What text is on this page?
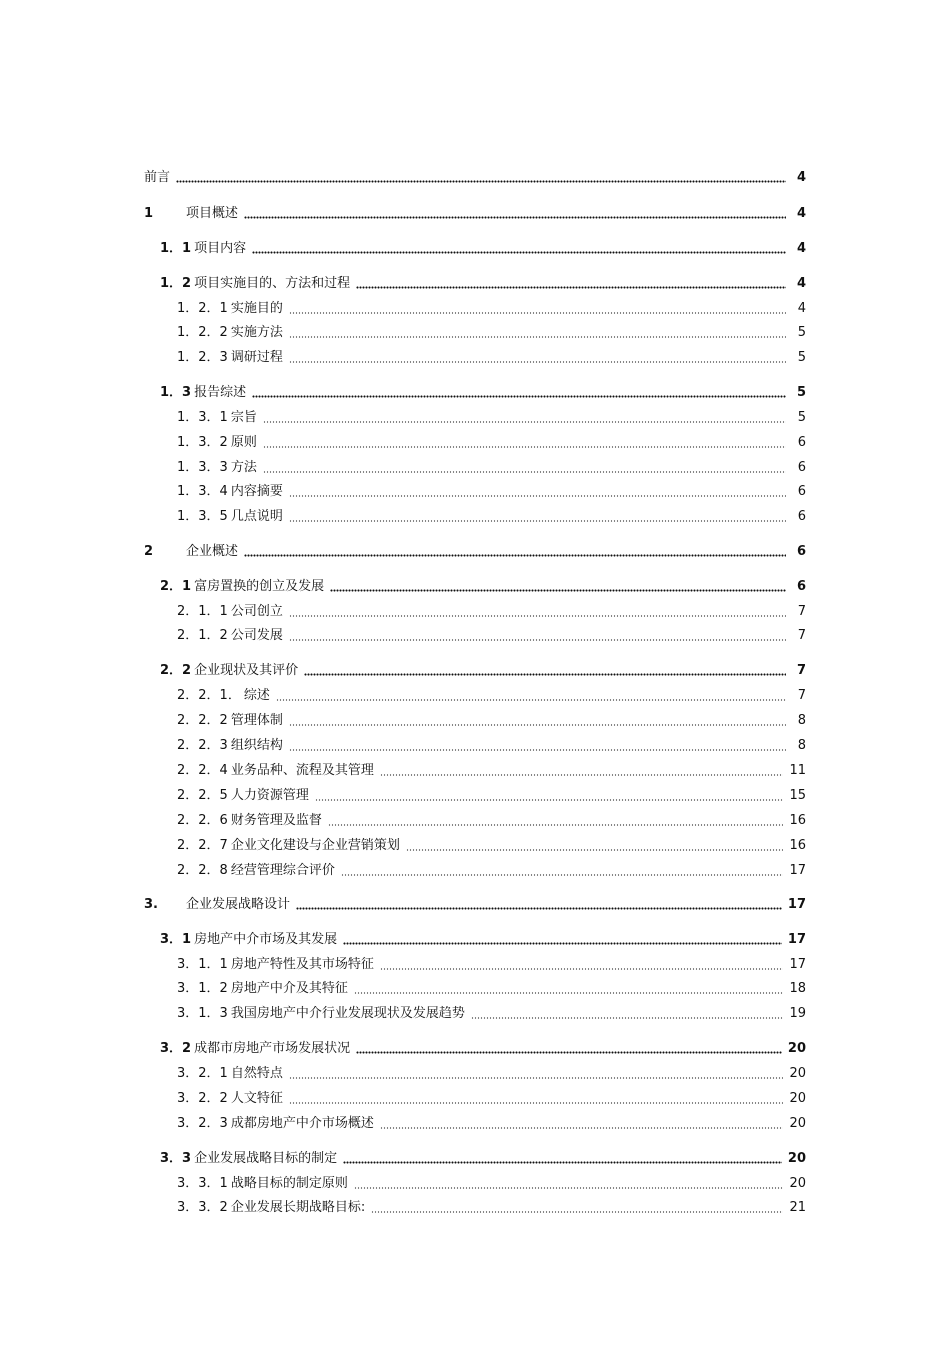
前言	4
1	项目概述	4
1．1 项目内容	4
1．2 项目实施目的、方法和过程	4
1．2．1 实施目的	4
1．2．2 实施方法	5
1．2．3 调研过程	5
1．3 报告综述	5
1．3．1 宗旨	5
1．3．2 原则	6
1．3．3 方法	6
1．3．4 内容摘要	6
1．3．5 几点说明	6
2	企业概述	6
2．1 富房置换的创立及发展	6
2．1．1 公司创立	7
2．1．2 公司发展	7
2．2 企业现状及其评价	7
2．2．1． 综述	7
2．2．2 管理体制	8
2．2．3 组织结构	8
2．2．4 业务品种、流程及其管理	11
2．2．5 人力资源管理	15
2．2．6 财务管理及监督	16
2．2．7 企业文化建设与企业营销策划	16
2．2．8 经营管理综合评价	17
3.	企业发展战略设计	17
3．1 房地产中介市场及其发展	17
3．1．1 房地产特性及其市场特征	17
3．1．2 房地产中介及其特征	18
3．1．3 我国房地产中介行业发展现状及发展趋势	19
3．2 成都市房地产市场发展状况	20
3．2．1 自然特点	20
3．2．2 人文特征	20
3．2．3 成都房地产中介市场概述	20
3．3 企业发展战略目标的制定	20
3．3．1 战略目标的制定原则	20
3．3．2 企业发展长期战略目标:	21
